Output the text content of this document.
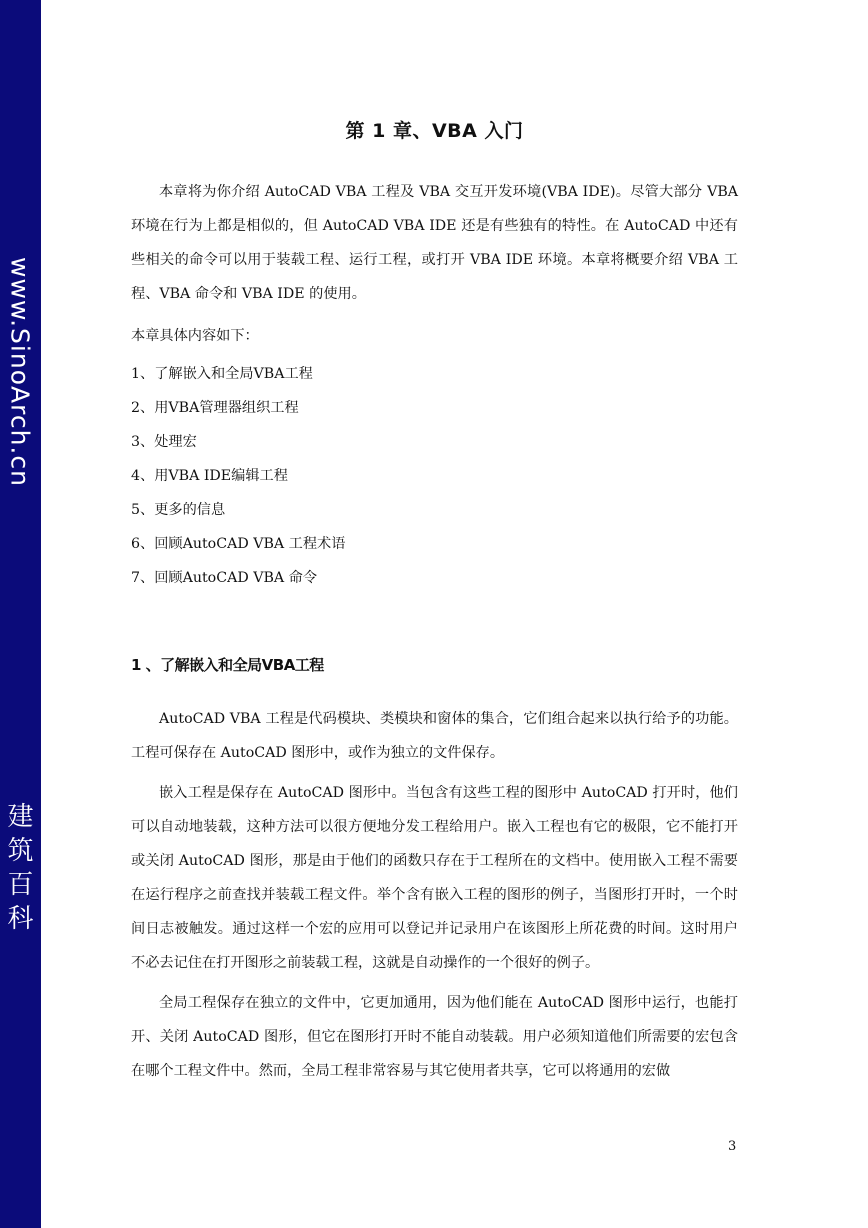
www.SinoArch.cn
建
筑
百
科
第 1 章、VBA 入门

本章将为你介绍 AutoCAD VBA 工程及 VBA 交互开发环境(VBA IDE)。尽管大部分 VBA 环境在行为上都是相似的，但 AutoCAD VBA IDE 还是有些独有的特性。在 AutoCAD 中还有些相关的命令可以用于装载工程、运行工程，或打开 VBA IDE 环境。本章将概要介绍 VBA 工程、VBA 命令和 VBA IDE 的使用。

本章具体内容如下：

1、了解嵌入和全局VBA工程
2、用VBA管理器组织工程
3、处理宏
4、用VBA IDE编辑工程
5、更多的信息
6、回顾AutoCAD VBA 工程术语
7、回顾AutoCAD VBA 命令
1 、了解嵌入和全局VBA工程

AutoCAD VBA 工程是代码模块、类模块和窗体的集合，它们组合起来以执行给予的功能。工程可保存在 AutoCAD 图形中，或作为独立的文件保存。

嵌入工程是保存在 AutoCAD 图形中。当包含有这些工程的图形中 AutoCAD 打开时，他们可以自动地装载，这种方法可以很方便地分发工程给用户。嵌入工程也有它的极限，它不能打开或关闭 AutoCAD 图形，那是由于他们的函数只存在于工程所在的文档中。使用嵌入工程不需要在运行程序之前查找并装载工程文件。举个含有嵌入工程的图形的例子，当图形打开时，一个时间日志被触发。通过这样一个宏的应用可以登记并记录用户在该图形上所花费的时间。这时用户不必去记住在打开图形之前装载工程，这就是自动操作的一个很好的例子。

全局工程保存在独立的文件中，它更加通用，因为他们能在 AutoCAD 图形中运行，也能打开、关闭 AutoCAD 图形，但它在图形打开时不能自动装载。用户必须知道他们所需要的宏包含在哪个工程文件中。然而，全局工程非常容易与其它使用者共享，它可以将通用的宏做

3
